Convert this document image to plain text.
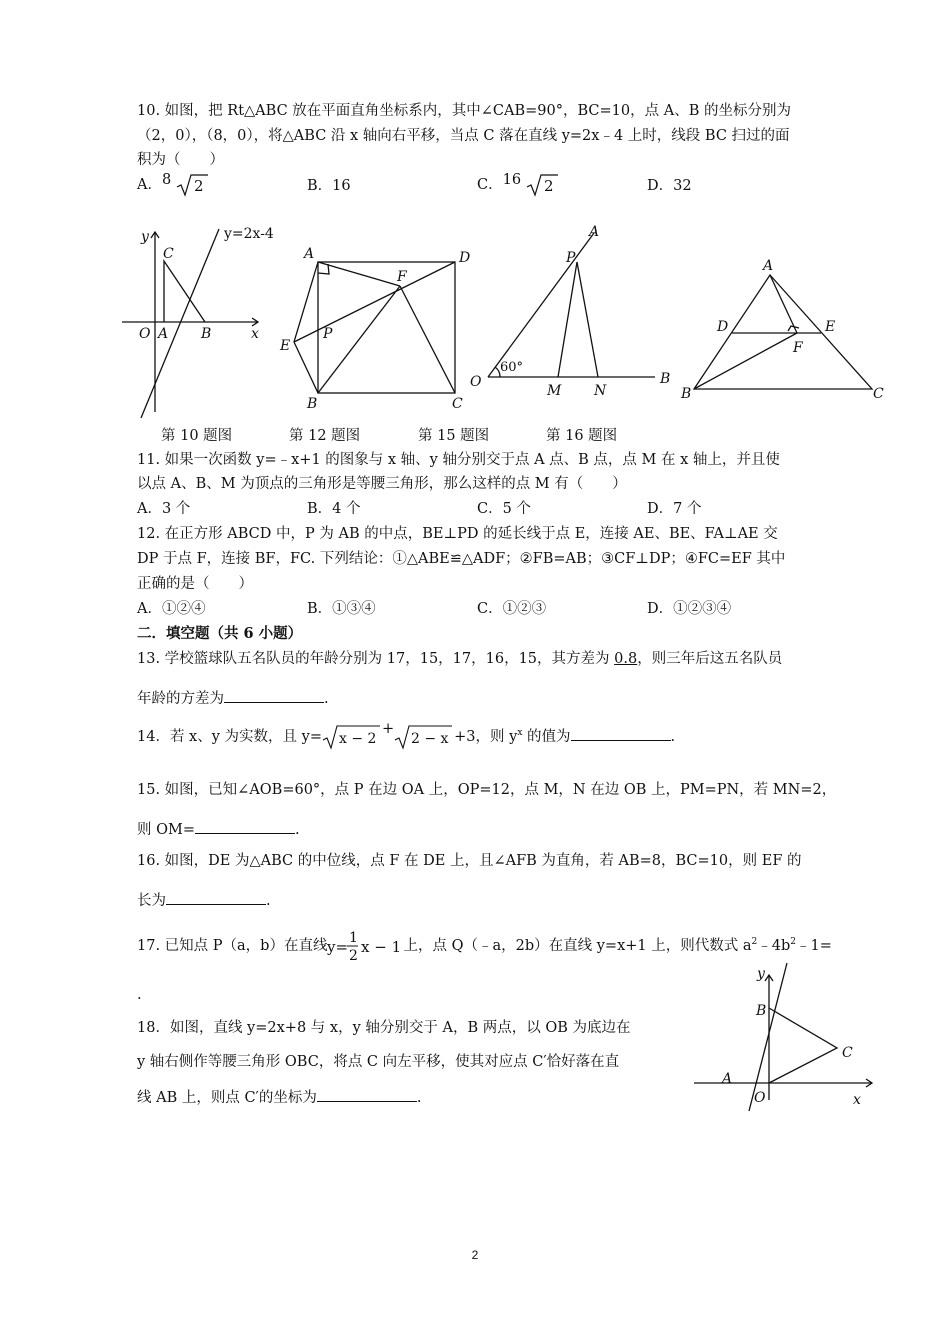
10. 如图，把 Rt△ABC 放在平面直角坐标系内，其中∠CAB=90°，BC=10，点 A、B 的坐标分别为
（2，0），（8，0），将△ABC 沿 x 轴向右平移，当点 C 落在直线 y=2x﹣4 上时，线段 BC 扫过的面
积为（　　）
A．8 2	B．16	C．16 2	D．32
y	y=2x-4
C
O A B	x
A	D
F
E
P
B	C
A
P
60°
O
M N
B
A
D	E
F
B	C
第 10 题图	第 12 题图	第 15 题图	第 16 题图
11. 如果一次函数 y=﹣x+1 的图象与 x 轴、y 轴分别交于点 A 点、B 点，点 M 在 x 轴上，并且使
以点 A、B、M 为顶点的三角形是等腰三角形，那么这样的点 M 有（　　）
A．3 个	B．4 个	C．5 个	D．7 个
12. 在正方形 ABCD 中，P 为 AB 的中点，BE⊥PD 的延长线于点 E，连接 AE、BE、FA⊥AE 交
DP 于点 F，连接 BF，FC. 下列结论：①△ABE≌△ADF；②FB=AB；③CF⊥DP；④FC=EF 其中
正确的是（　　）
A．①②④	B．①③④	C．①②③	D．①②③④
二．填空题（共 6 小题）
13. 学校篮球队五名队员的年龄分别为 17，15，17，16，15，其方差为 0.8，则三年后这五名队员
年龄的方差为	.
14．若 x、y 为实数，且 y= x − 2
+
2 − x +3，则 $y^x$ 的值为	.
15. 如图，已知∠AOB=60°，点 P 在边 OA 上，OP=12，点 M，N 在边 OB 上，PM=PN，若 MN=2，
则 OM=	.
16. 如图，DE 为△ABC 的中位线，点 F 在 DE 上，且∠AFB 为直角，若 AB=8，BC=10，则 EF 的
长为	.
17. 已知点 P（a，b）在直线 y= 1
2 x − 1 上，点 Q（﹣a，2b）在直线 y=x+1 上，则代数式 $a^2﹣4b^2﹣1=$
.
18．如图，直线 y=2x+8 与 x，y 轴分别交于 A，B 两点，以 OB 为底边在
y 轴右侧作等腰三角形 OBC，将点 C 向左平移，使其对应点 C′恰好落在直
线 AB 上，则点 C′的坐标为	.
y
B
C
A
O	x
2
